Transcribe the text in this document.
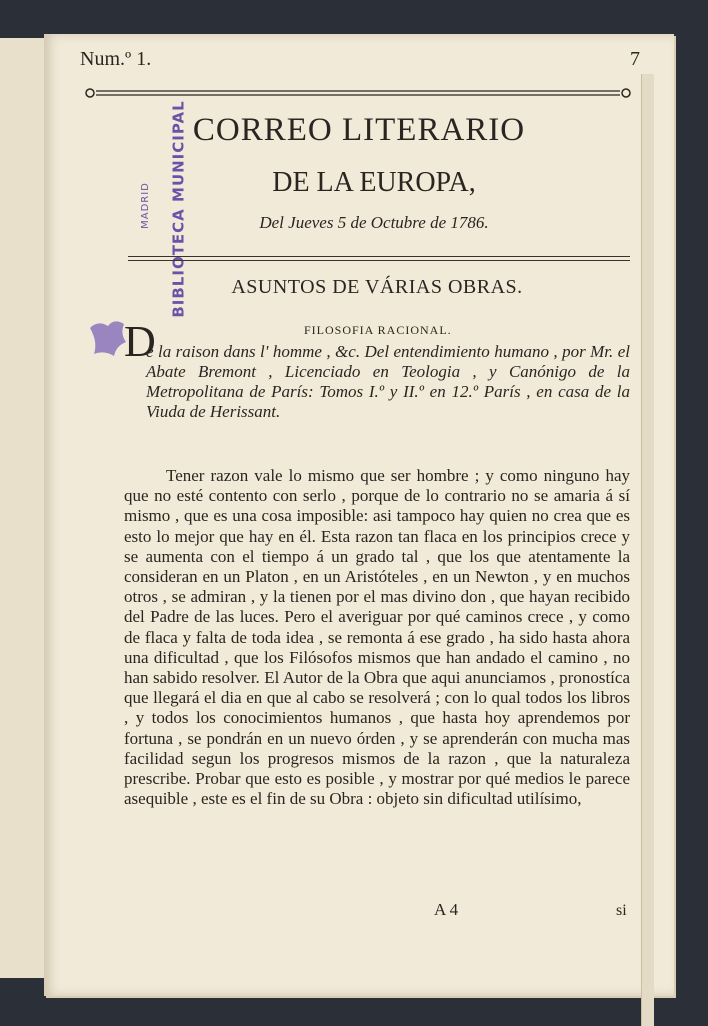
Num.º 1.	7
CORREO LITERARIO
DE LA EUROPA,
Del Jueves 5 de Octubre de 1786.
BIBLIOTECA MUNICIPAL
MADRID
ASUNTOS DE VÁRIAS OBRAS.
FILOSOFIA RACIONAL.
D
e la raison dans l' homme , &c. Del entendimiento humano , por Mr. el Abate Bremont , Licenciado en Teologia , y Canónigo de la Metropolitana de París: Tomos I.º y II.º en 12.º París , en casa de la Viuda de Herissant.
Tener razon vale lo mismo que ser hombre ; y como ninguno hay que no esté contento con serlo , porque de lo contrario no se amaria á sí mismo , que es una cosa imposible: asi tampoco hay quien no crea que es esto lo mejor que hay en él. Esta razon tan flaca en los principios crece y se aumenta con el tiempo á un grado tal , que los que atentamente la consideran en un Platon , en un Aristóteles , en un Newton , y en muchos otros , se admiran , y la tienen por el mas divino don , que hayan recibido del Padre de las luces. Pero el averiguar por qué caminos crece , y como de flaca y falta de toda idea , se remonta á ese grado , ha sido hasta ahora una dificultad , que los Filósofos mismos que han andado el camino , no han sabido resolver. El Autor de la Obra que aqui anunciamos , pronostíca que llegará el dia en que al cabo se resolverá ; con lo qual todos los libros , y todos los conocimientos humanos , que hasta hoy aprendemos por fortuna , se pondrán en un nuevo órden , y se aprenderán con mucha mas facilidad segun los progresos mismos de la razon , que la naturaleza prescribe. Probar que esto es posible , y mostrar por qué medios le parece asequible , este es el fin de su Obra : objeto sin dificultad utilísimo,
A 4	si
